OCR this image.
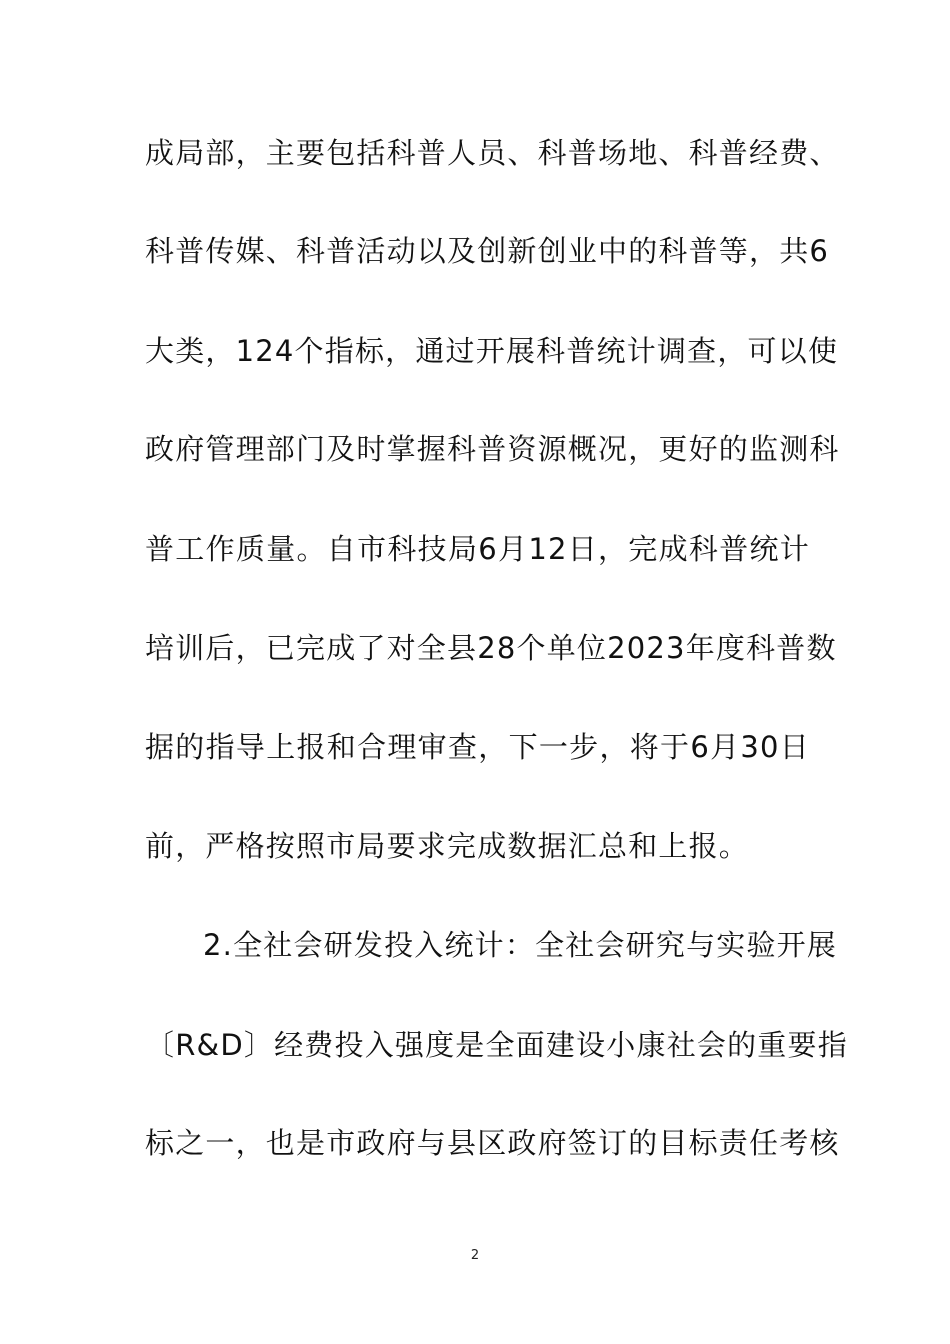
成局部，主要包括科普人员、科普场地、科普经费、
科普传媒、科普活动以及创新创业中的科普等，共6
大类，124个指标，通过开展科普统计调查，可以使
政府管理部门及时掌握科普资源概况，更好的监测科
普工作质量。自市科技局6月12日，完成科普统计
培训后，已完成了对全县28个单位2023年度科普数
据的指导上报和合理审查，下一步，将于6月30日
前，严格按照市局要求完成数据汇总和上报。
2.全社会研发投入统计：全社会研究与实验开展
〔R&D〕经费投入强度是全面建设小康社会的重要指
标之一，也是市政府与县区政府签订的目标责任考核
2
